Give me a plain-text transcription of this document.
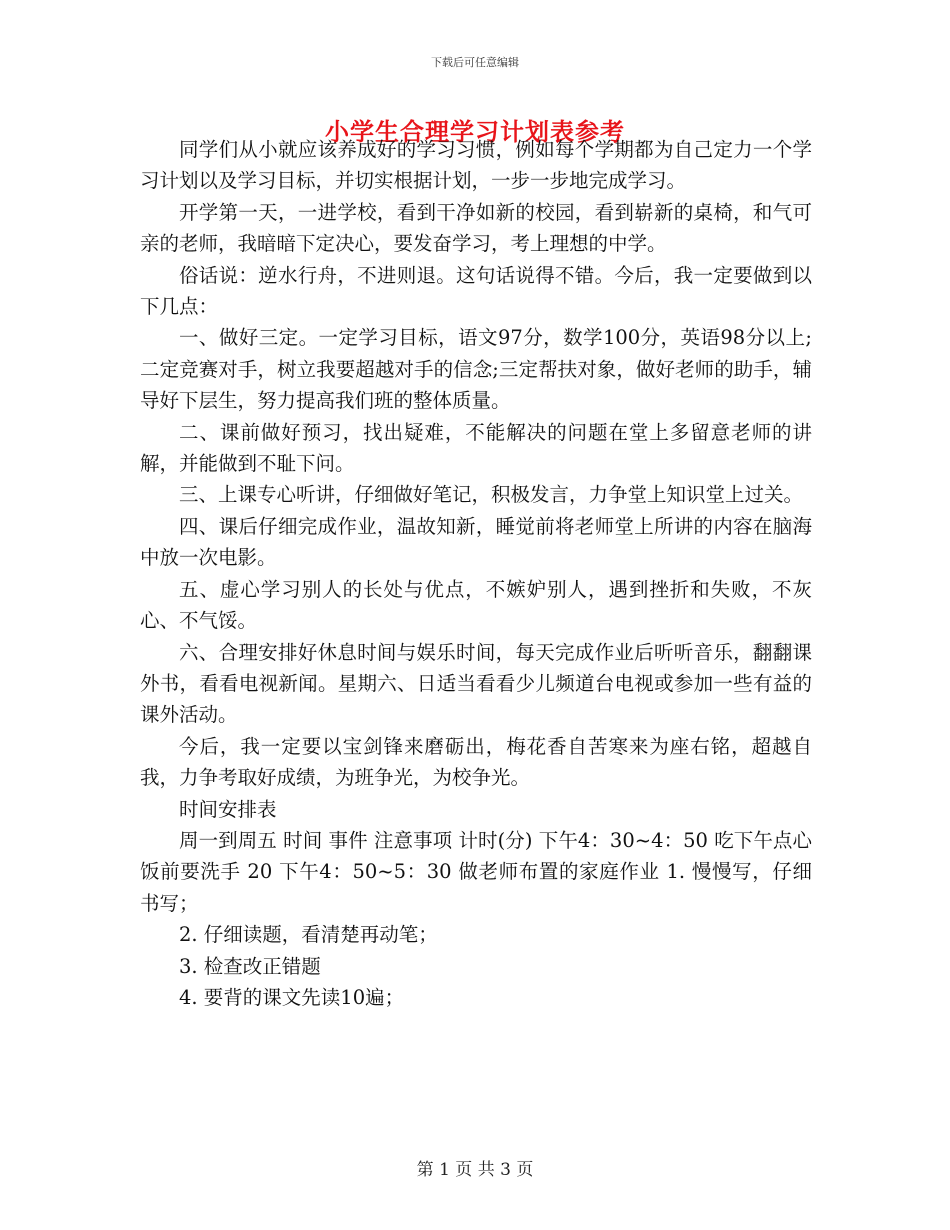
下载后可任意编辑
小学生合理学习计划表参考

同学们从小就应该养成好的学习习惯，例如每个学期都为自己定力一个学习计划以及学习目标，并切实根据计划，一步一步地完成学习。

开学第一天，一进学校，看到干净如新的校园，看到崭新的桌椅，和气可亲的老师，我暗暗下定决心，要发奋学习，考上理想的中学。

俗话说：逆水行舟，不进则退。这句话说得不错。今后，我一定要做到以下几点：

一、做好三定。一定学习目标，语文97分，数学100分，英语98分以上;二定竞赛对手，树立我要超越对手的信念;三定帮扶对象，做好老师的助手，辅导好下层生，努力提高我们班的整体质量。

二、课前做好预习，找出疑难，不能解决的问题在堂上多留意老师的讲解，并能做到不耻下问。

三、上课专心听讲，仔细做好笔记，积极发言，力争堂上知识堂上过关。

四、课后仔细完成作业，温故知新，睡觉前将老师堂上所讲的内容在脑海中放一次电影。

五、虚心学习别人的长处与优点，不嫉妒别人，遇到挫折和失败，不灰心、不气馁。

六、合理安排好休息时间与娱乐时间，每天完成作业后听听音乐，翻翻课外书，看看电视新闻。星期六、日适当看看少儿频道台电视或参加一些有益的课外活动。

今后，我一定要以宝剑锋来磨砺出，梅花香自苦寒来为座右铭，超越自我，力争考取好成绩，为班争光，为校争光。

时间安排表

周一到周五 时间 事件 注意事项 计时(分) 下午4：30~4：50 吃下午点心 饭前要洗手 20 下午4：50~5：30 做老师布置的家庭作业 1. 慢慢写，仔细书写；

2. 仔细读题，看清楚再动笔；

3. 检查改正错题

4. 要背的课文先读10遍；

第 1 页 共 3 页
